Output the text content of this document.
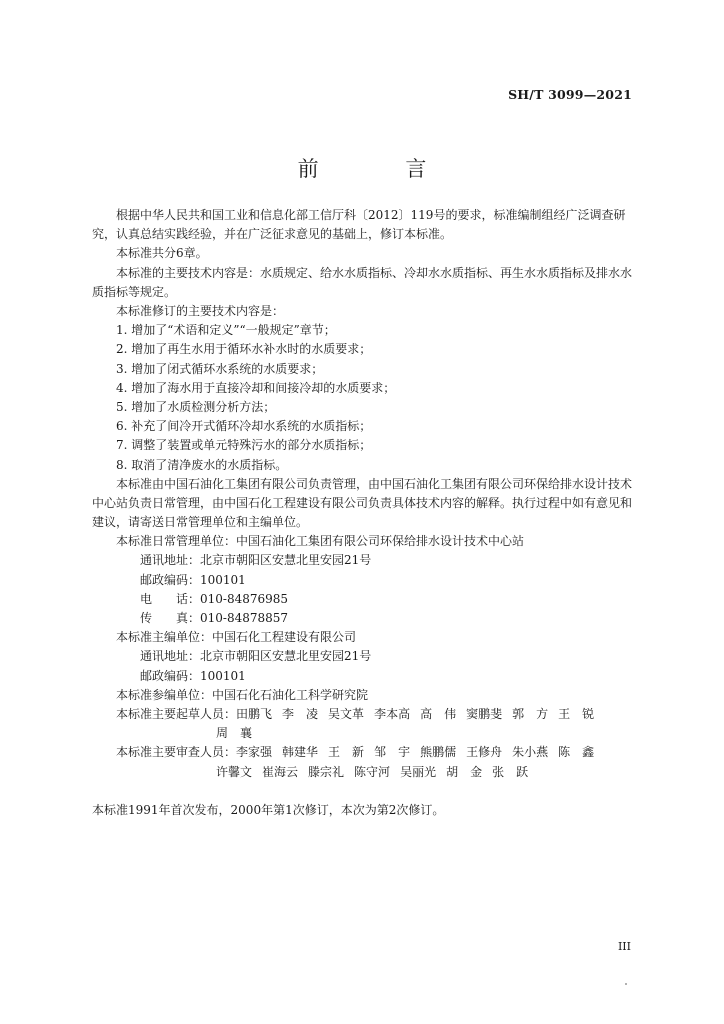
SH/T 3099—2021
前 言
根据中华人民共和国工业和信息化部工信厅科〔2012〕119号的要求，标准编制组经广泛调查研究，认真总结实践经验，并在广泛征求意见的基础上，修订本标准。
本标准共分6章。
本标准的主要技术内容是：水质规定、给水水质指标、冷却水水质指标、再生水水质指标及排水水质指标等规定。
本标准修订的主要技术内容是：
1. 增加了“术语和定义”“一般规定”章节；
2. 增加了再生水用于循环水补水时的水质要求；
3. 增加了闭式循环水系统的水质要求；
4. 增加了海水用于直接冷却和间接冷却的水质要求；
5. 增加了水质检测分析方法；
6. 补充了间冷开式循环冷却水系统的水质指标；
7. 调整了装置或单元特殊污水的部分水质指标；
8. 取消了清净废水的水质指标。
本标准由中国石油化工集团有限公司负责管理，由中国石油化工集团有限公司环保给排水设计技术中心站负责日常管理，由中国石化工程建设有限公司负责具体技术内容的解释。执行过程中如有意见和建议，请寄送日常管理单位和主编单位。
本标准日常管理单位：中国石油化工集团有限公司环保给排水设计技术中心站
通讯地址：北京市朝阳区安慧北里安园21号
邮政编码：100101
电　　话：010-84876985
传　　真：010-84878857
本标准主编单位：中国石化工程建设有限公司
通讯地址：北京市朝阳区安慧北里安园21号
邮政编码：100101
本标准参编单位：中国石化石油化工科学研究院
本标准主要起草人员： 田鹏飞 李　凌 吴文革 李本高 高　伟 窦鹏斐 郭　方 王　锐
周　襄
本标准主要审查人员： 李家强 韩建华 王　新 邹　宇 熊鹏儒 王修舟 朱小燕 陈　鑫
许馨文 崔海云 滕宗礼 陈守河 吴丽光 胡　金 张　跃
本标准1991年首次发布，2000年第1次修订，本次为第2次修订。
III
